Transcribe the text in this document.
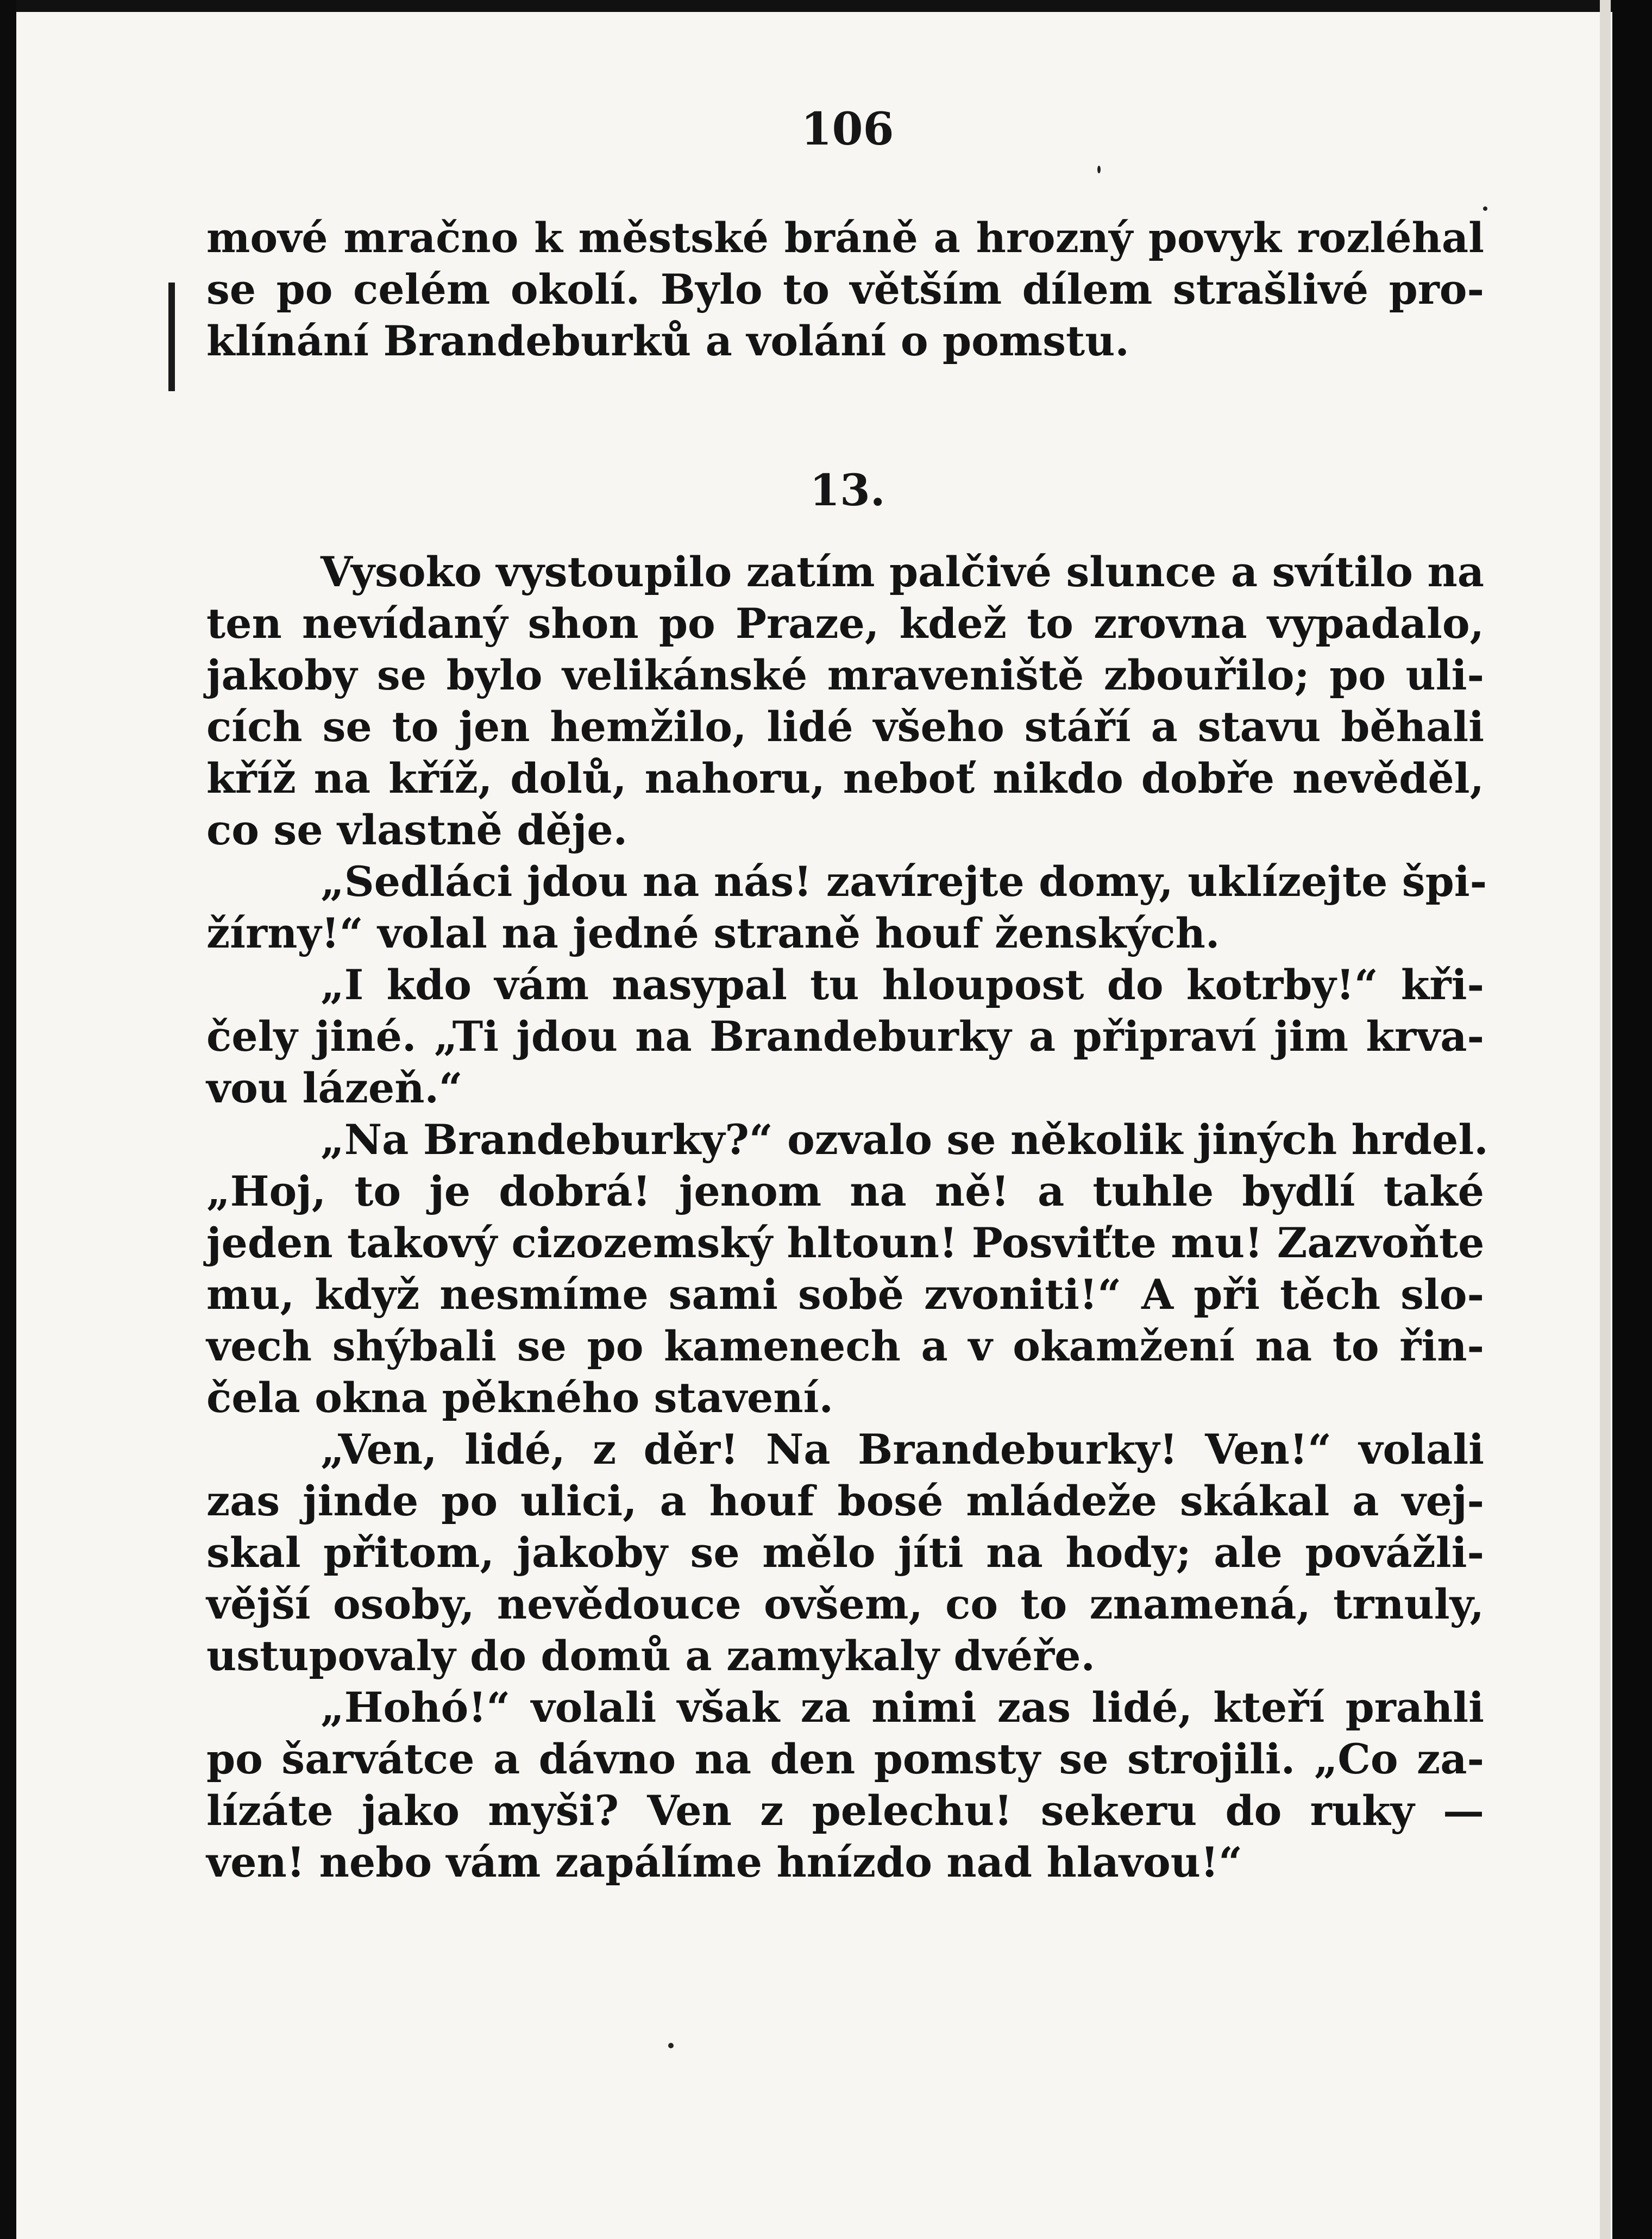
106
mové mračno k městské bráně a hrozný povyk rozléhal
se po celém okolí. Bylo to větším dílem strašlivé pro-
klínání Brandeburků a volání o pomstu.
13.
Vysoko vystoupilo zatím palčivé slunce a svítilo na
ten nevídaný shon po Praze, kdež to zrovna vypadalo,
jakoby se bylo velikánské mraveniště zbouřilo; po uli-
cích se to jen hemžilo, lidé všeho stáří a stavu běhali
kříž na kříž, dolů, nahoru, neboť nikdo dobře nevěděl,
co se vlastně děje.
„Sedláci jdou na nás! zavírejte domy, uklízejte špi-
žírny!“ volal na jedné straně houf ženských.
„I kdo vám nasypal tu hloupost do kotrby!“ kři-
čely jiné. „Ti jdou na Brandeburky a připraví jim krva-
vou lázeň.“
„Na Brandeburky?“ ozvalo se několik jiných hrdel.
„Hoj, to je dobrá! jenom na ně! a tuhle bydlí také
jeden takový cizozemský hltoun! Posviťte mu! Zazvoňte
mu, když nesmíme sami sobě zvoniti!“ A při těch slo-
vech shýbali se po kamenech a v okamžení na to řin-
čela okna pěkného stavení.
„Ven, lidé, z děr! Na Brandeburky! Ven!“ volali
zas jinde po ulici, a houf bosé mládeže skákal a vej-
skal přitom, jakoby se mělo jíti na hody; ale povážli-
vější osoby, nevědouce ovšem, co to znamená, trnuly,
ustupovaly do domů a zamykaly dvéře.
„Hohó!“ volali však za nimi zas lidé, kteří prahli
po šarvátce a dávno na den pomsty se strojili. „Co za-
lízáte jako myši? Ven z pelechu! sekeru do ruky —
ven! nebo vám zapálíme hnízdo nad hlavou!“
